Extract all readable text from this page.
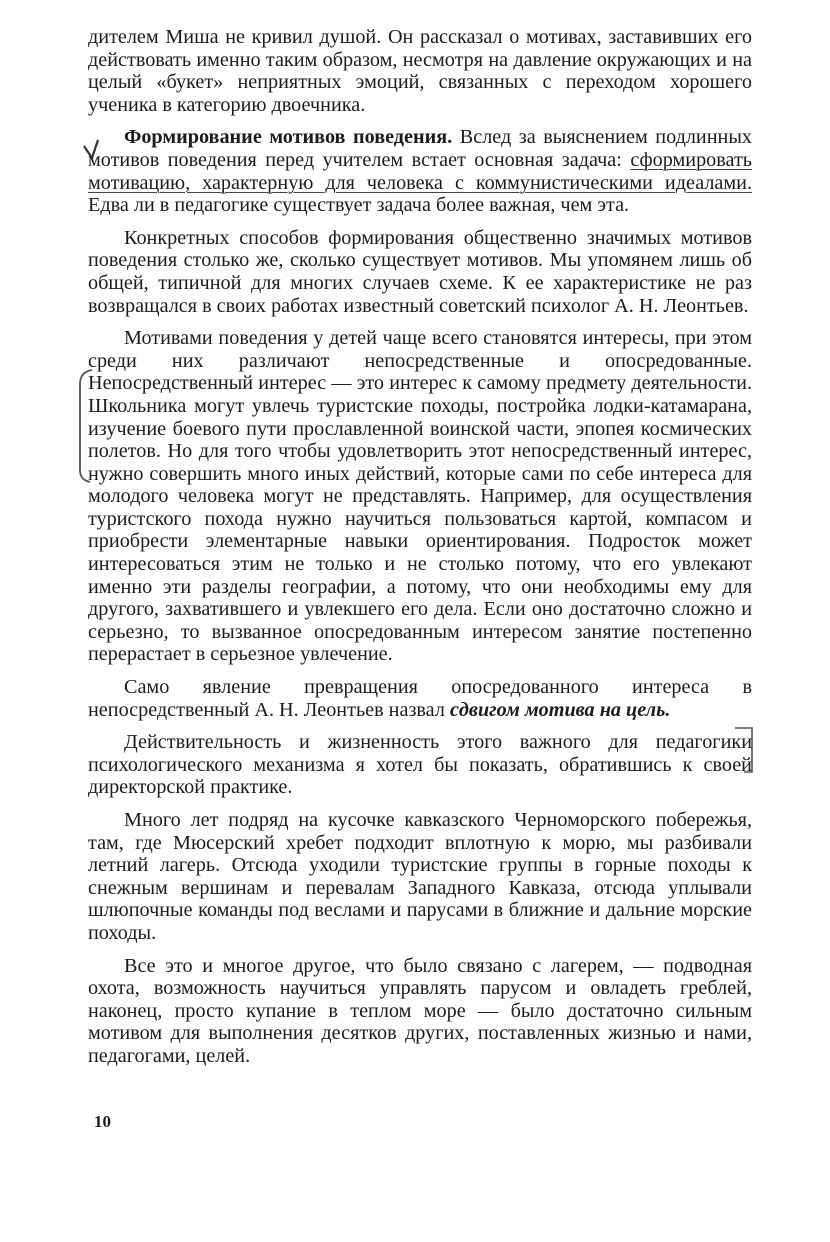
дителем Миша не кривил душой. Он рассказал о мотивах, заставивших его действовать именно таким образом, несмотря на давление окружающих и на целый «букет» неприятных эмоций, связанных с переходом хорошего ученика в категорию двоечника.

Формирование мотивов поведения. Вслед за выяснением подлинных мотивов поведения перед учителем встает основная задача: сформировать мотивацию, характерную для человека с коммунистическими идеалами. Едва ли в педагогике существует задача более важная, чем эта.

Конкретных способов формирования общественно значимых мотивов поведения столько же, сколько существует мотивов. Мы упомянем лишь об общей, типичной для многих случаев схеме. К ее характеристике не раз возвращался в своих работах известный советский психолог А. Н. Леонтьев.

Мотивами поведения у детей чаще всего становятся интересы, при этом среди них различают непосредственные и опосредованные. Непосредственный интерес — это интерес к самому предмету деятельности. Школьника могут увлечь туристские походы, постройка лодки-катамарана, изучение боевого пути прославленной воинской части, эпопея космических полетов. Но для того чтобы удовлетворить этот непосредственный интерес, нужно совершить много иных действий, которые сами по себе интереса для молодого человека могут не представлять. Например, для осуществления туристского похода нужно научиться пользоваться картой, компасом и приобрести элементарные навыки ориентирования. Подросток может интересоваться этим не только и не столько потому, что его увлекают именно эти разделы географии, а потому, что они необходимы ему для другого, захватившего и увлекшего его дела. Если оно достаточно сложно и серьезно, то вызванное опосредованным интересом занятие постепенно перерастает в серьезное увлечение.

Само явление превращения опосредованного интереса в непосредственный А. Н. Леонтьев назвал сдвигом мотива на цель.

Действительность и жизненность этого важного для педагогики психологического механизма я хотел бы показать, обратившись к своей директорской практике.

Много лет подряд на кусочке кавказского Черноморского побережья, там, где Мюсерский хребет подходит вплотную к морю, мы разбивали летний лагерь. Отсюда уходили туристские группы в горные походы к снежным вершинам и перевалам Западного Кавказа, отсюда уплывали шлюпочные команды под веслами и парусами в ближние и дальние морские походы.

Все это и многое другое, что было связано с лагерем, — подводная охота, возможность научиться управлять парусом и овладеть греблей, наконец, просто купание в теплом море — было достаточно сильным мотивом для выполнения десятков других, поставленных жизнью и нами, педагогами, целей.

10
